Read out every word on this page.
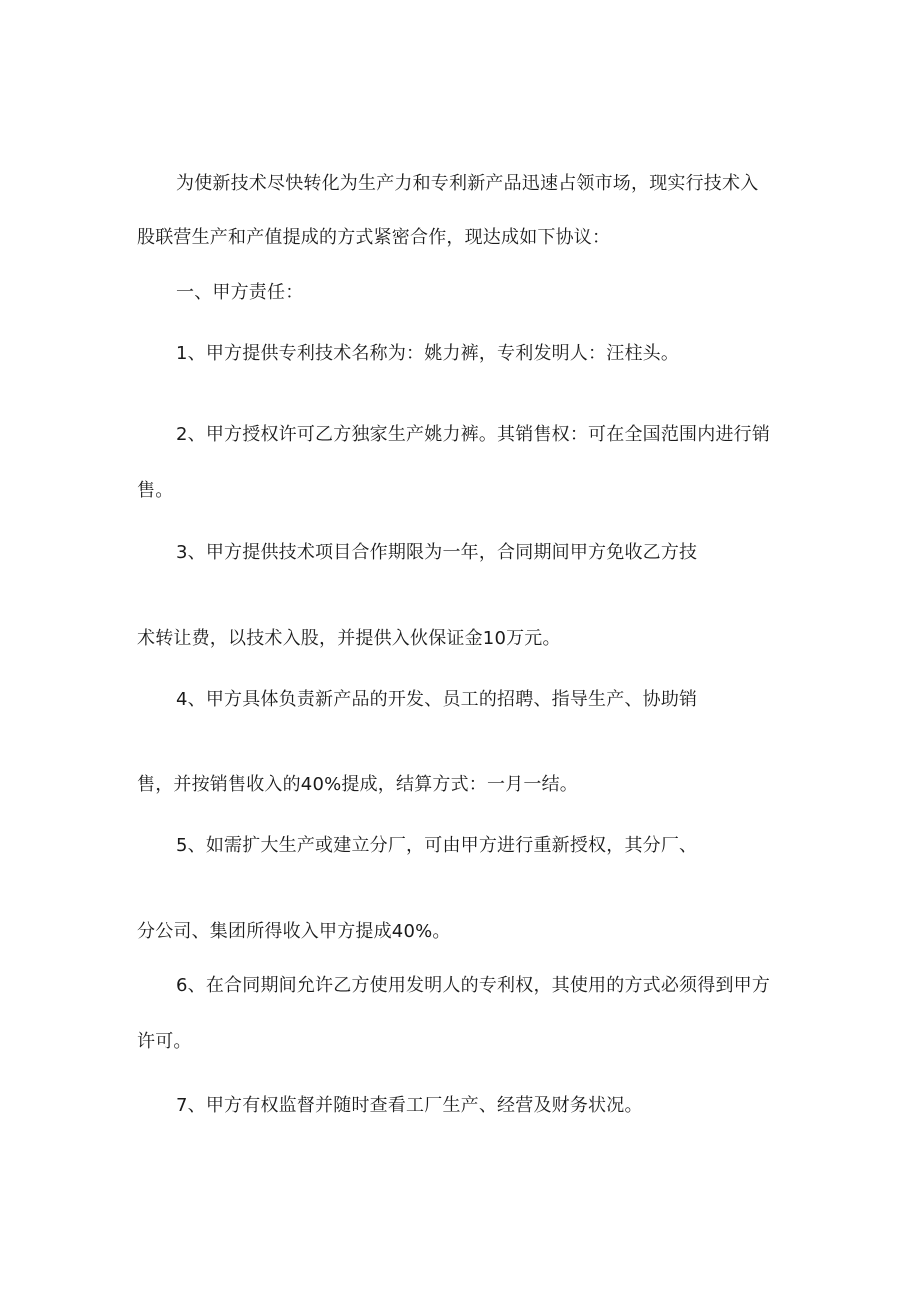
为使新技术尽快转化为生产力和专利新产品迅速占领市场，现实行技术入
股联营生产和产值提成的方式紧密合作，现达成如下协议：
一、甲方责任：
1、甲方提供专利技术名称为：姚力裤，专利发明人：汪柱头。
2、甲方授权许可乙方独家生产姚力裤。其销售权：可在全国范围内进行销
售。
3、甲方提供技术项目合作期限为一年，合同期间甲方免收乙方技
术转让费，以技术入股，并提供入伙保证金10万元。
4、甲方具体负责新产品的开发、员工的招聘、指导生产、协助销
售，并按销售收入的40%提成，结算方式：一月一结。
5、如需扩大生产或建立分厂，可由甲方进行重新授权，其分厂、
分公司、集团所得收入甲方提成40%。
6、在合同期间允许乙方使用发明人的专利权，其使用的方式必须得到甲方
许可。
7、甲方有权监督并随时查看工厂生产、经营及财务状况。
